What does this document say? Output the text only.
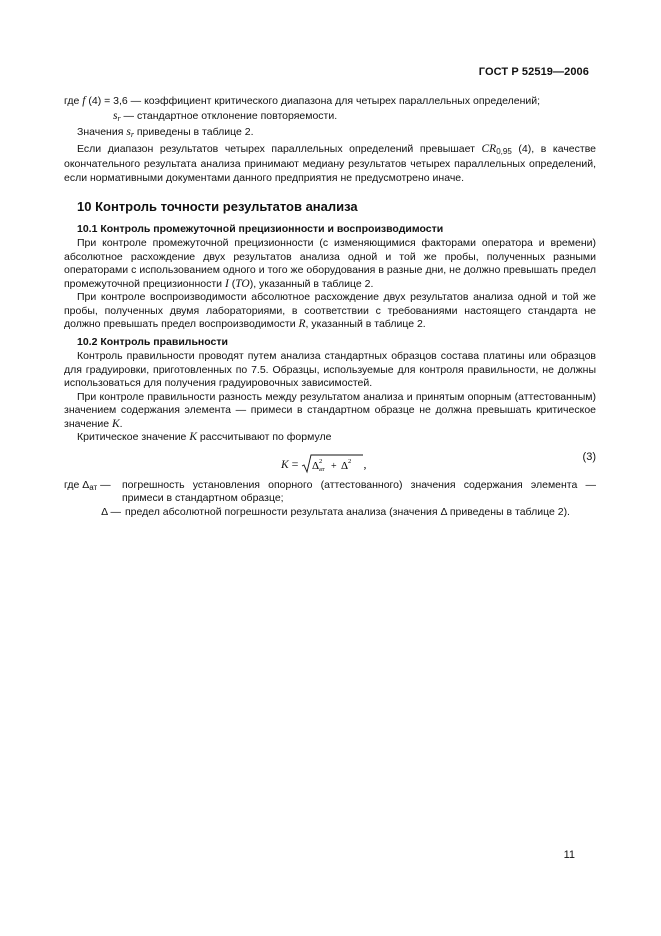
ГОСТ Р 52519—2006

где f (4) = 3,6 — коэффициент критического диапазона для четырех параллельных определений;

$s_r$ — стандартное отклонение повторяемости.

Значения $s_r$ приведены в таблице 2.

Если диапазон результатов четырех параллельных определений превышает $CR_{0,95}$ (4), в качестве окончательного результата анализа принимают медиану результатов четырех параллельных определений, если нормативными документами данного предприятия не предусмотрено иначе.

10 Контроль точности результатов анализа
10.1 Контроль промежуточной прецизионности и воспроизводимости

При контроле промежуточной прецизионности (с изменяющимися факторами оператора и времени) абсолютное расхождение двух результатов анализа одной и той же пробы, полученных разными операторами с использованием одного и того же оборудования в разные дни, не должно превышать предел промежуточной прецизионности I (TO), указанный в таблице 2.

При контроле воспроизводимости абсолютное расхождение двух результатов анализа одной и той же пробы, полученных двумя лабораториями, в соответствии с требованиями настоящего стандарта не должно превышать предел воспроизводимости R, указанный в таблице 2.

10.2 Контроль правильности

Контроль правильности проводят путем анализа стандартных образцов состава платины или образцов для градуировки, приготовленных по 7.5. Образцы, используемые для контроля правильности, не должны использоваться для получения градуировочных зависимостей.

При контроле правильности разность между результатом анализа и принятым опорным (аттестованным) значением содержания элемента — примеси в стандартном образце не должна превышать критическое значение K.

Критическое значение K рассчитывают по формуле

K = Δ 2
ат + Δ 2 ,	(3)
где $\Delta_{ат}$ —	погрешность установления опорного (аттестованного) значения содержания элемента — примеси в стандартном образце;
Δ — предел абсолютной погрешности результата анализа (значения Δ приведены в таблице 2).
11
